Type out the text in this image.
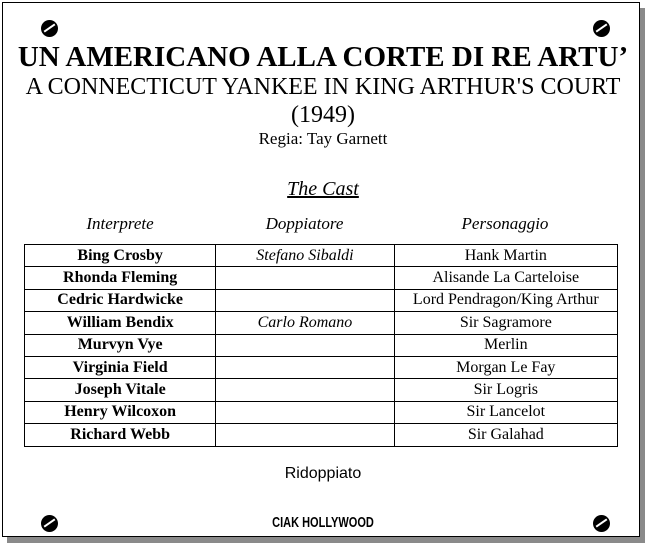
UN AMERICANO ALLA CORTE DI RE ARTU’
A CONNECTICUT YANKEE IN KING ARTHUR'S COURT
(1949)
Regia: Tay Garnett
The Cast
Interprete	Doppiatore	Personaggio
Bing Crosby	Stefano Sibaldi	Hank Martin
Rhonda Fleming		Alisande La Carteloise
Cedric Hardwicke		Lord Pendragon/King Arthur
William Bendix	Carlo Romano	Sir Sagramore
Murvyn Vye		Merlin
Virginia Field		Morgan Le Fay
Joseph Vitale		Sir Logris
Henry Wilcoxon		Sir Lancelot
Richard Webb		Sir Galahad
Ridoppiato
CIAK HOLLYWOOD
